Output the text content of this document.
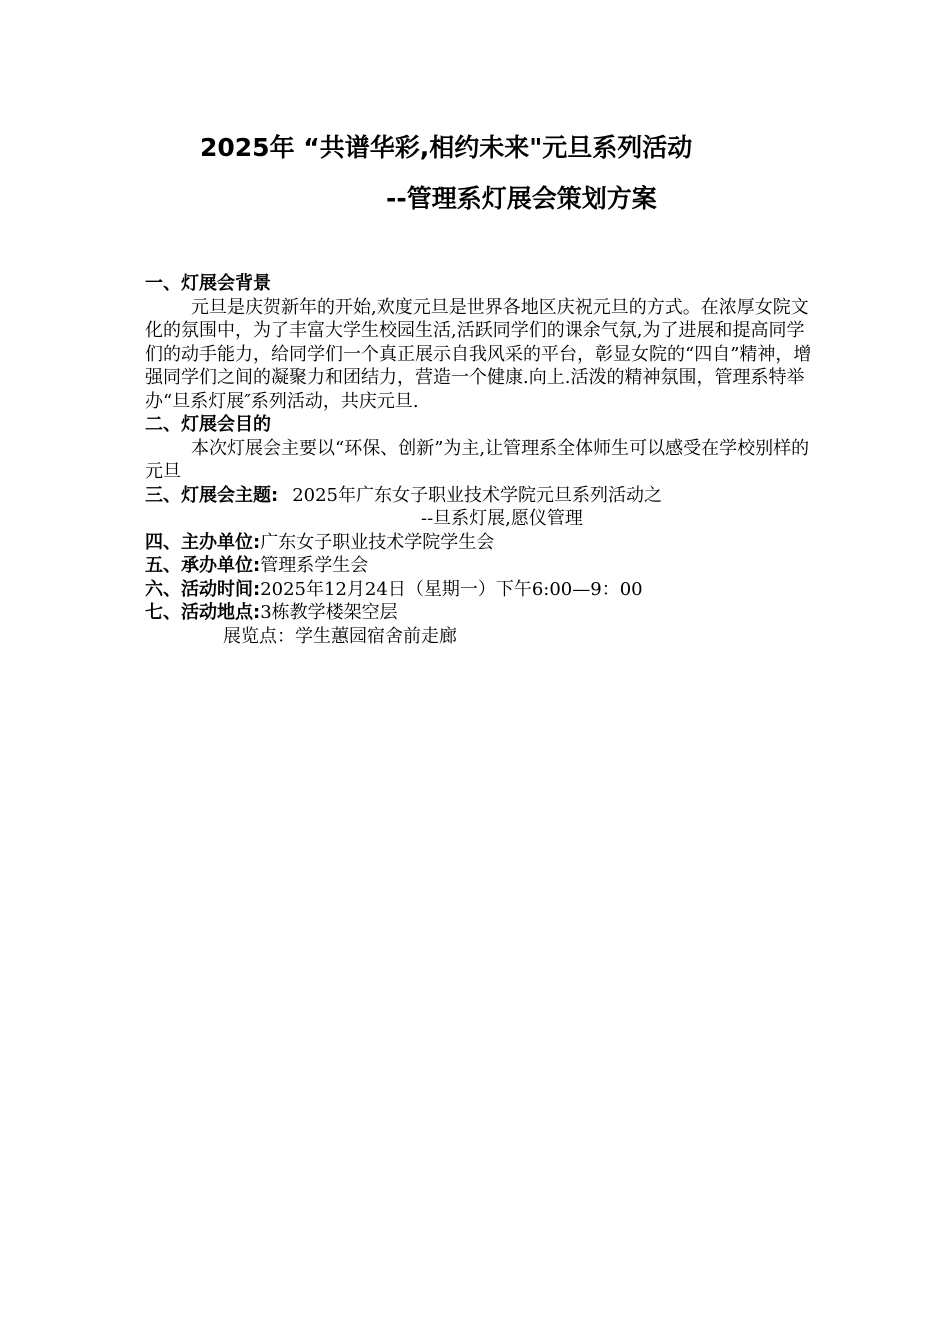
2025年 “共谱华彩,相约未来"元旦系列活动
--管理系灯展会策划方案
一、灯展会背景
元旦是庆贺新年的开始,欢度元旦是世界各地区庆祝元旦的方式。在浓厚女院文化的氛围中，为了丰富大学生校园生活,活跃同学们的课余气氛,为了进展和提高同学们的动手能力，给同学们一个真正展示自我风采的平台，彰显女院的“四自”精神，增强同学们之间的凝聚力和团结力，营造一个健康.向上.活泼的精神氛围，管理系特举办“旦系灯展″系列活动，共庆元旦.
二、灯展会目的
本次灯展会主要以“环保、创新”为主,让管理系全体师生可以感受在学校别样的元旦
三、灯展会主题: 2025年广东女子职业技术学院元旦系列活动之
--旦系灯展,愿仪管理
四、主办单位:广东女子职业技术学院学生会
五、承办单位:管理系学生会
六、活动时间:2025年12月24日（星期一）下午6:00—9：00
七、活动地点:3栋教学楼架空层
展览点：学生蕙园宿舍前走廊
